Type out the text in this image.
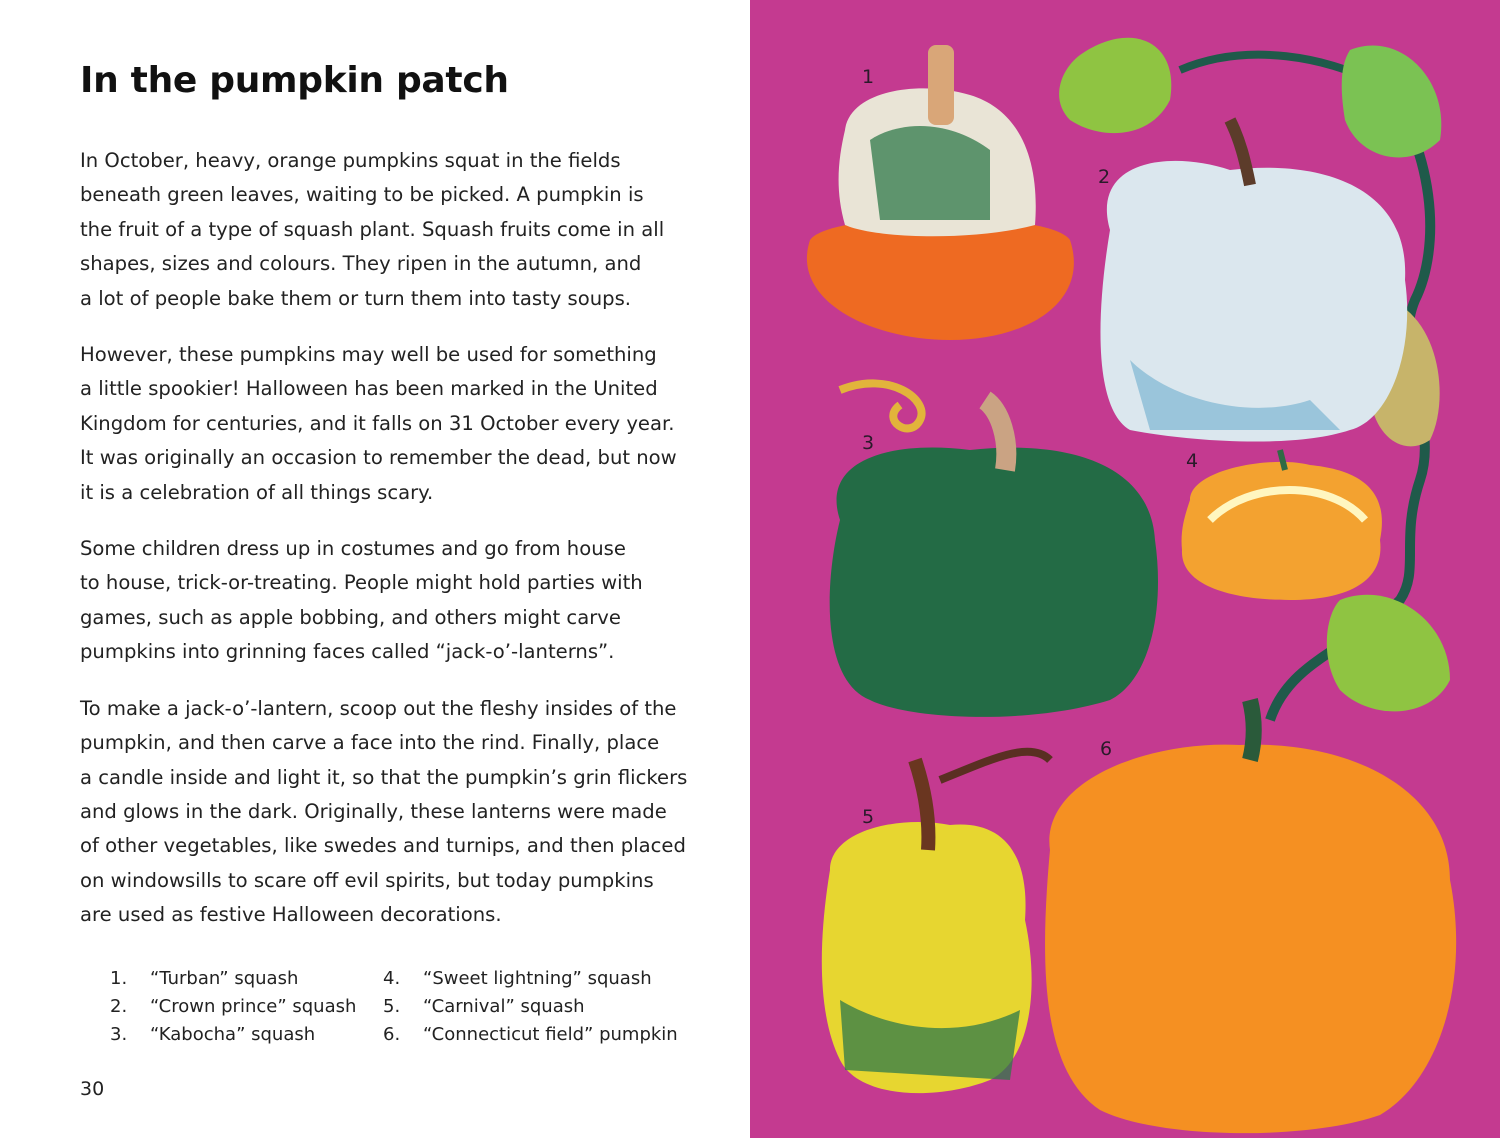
In the pumpkin patch

In October, heavy, orange pumpkins squat in the fields
beneath green leaves, waiting to be picked. A pumpkin is
the fruit of a type of squash plant. Squash fruits come in all
shapes, sizes and colours. They ripen in the autumn, and
a lot of people bake them or turn them into tasty soups.

However, these pumpkins may well be used for something
a little spookier! Halloween has been marked in the United
Kingdom for centuries, and it falls on 31 October every year.
It was originally an occasion to remember the dead, but now
it is a celebration of all things scary.

Some children dress up in costumes and go from house
to house, trick-or-treating. People might hold parties with
games, such as apple bobbing, and others might carve
pumpkins into grinning faces called “jack-o’-lanterns”.

To make a jack-o’-lantern, scoop out the fleshy insides of the
pumpkin, and then carve a face into the rind. Finally, place
a candle inside and light it, so that the pumpkin’s grin flickers
and glows in the dark. Originally, these lanterns were made
of other vegetables, like swedes and turnips, and then placed
on windowsills to scare off evil spirits, but today pumpkins
are used as festive Halloween decorations.

1. “Turban” squash
2. “Crown prince” squash
3. “Kabocha” squash
4. “Sweet lightning” squash
5. “Carnival” squash
6. “Connecticut field” pumpkin
30
1
2
3
4
5
6
